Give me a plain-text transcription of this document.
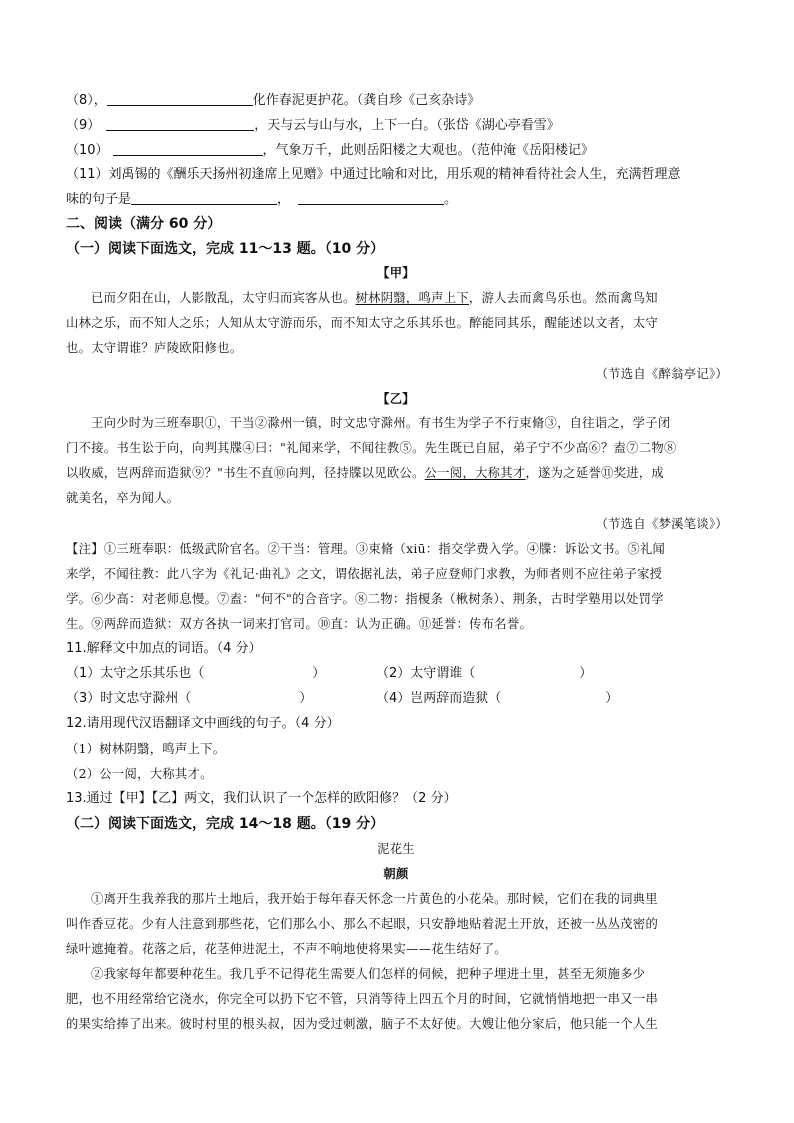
（8），	化作春泥更护花。（龚自珍《己亥杂诗》
（9）	，天与云与山与水，上下一白。（张岱《湖心亭看雪》
（10）	，气象万千，此则岳阳楼之大观也。（范仲淹《岳阳楼记》
（11）刘禹锡的《酬乐天扬州初逢席上见赠》中通过比喻和对比，用乐观的精神看待社会人生，充满哲理意
味的句子是	，	。
二、阅读（满分 60 分）
（一）阅读下面选文，完成 11～13 题。（10 分）
【甲】
已而夕阳在山，人影散乱，太守归而宾客从也。树林阴翳，鸣声上下，游人去而禽鸟乐也。然而禽鸟知
山林之乐，而不知人之乐；人知从太守游而乐，而不知太守之乐其乐也。醉能同其乐，醒能述以文者，太守
也。太守谓谁？庐陵欧阳修也。
（节选自《醉翁亭记》）
【乙】
王向少时为三班奉职①，干当②滁州一镇，时文忠守滁州。有书生为学子不行束脩③，自往诣之，学子闭
门不接。书生讼于向，向判其牒④曰："礼闻来学，不闻往教⑤。先生既已自屈，弟子宁不少高⑥？盍⑦二物⑧
以收威，岂两辞而造狱⑨？"书生不直⑩向判，径持牒以见欧公。公一阅，大称其才，遂为之延誉⑪奖进，成
就美名，卒为闻人。
（节选自《梦溪笔谈》）
【注】①三班奉职：低级武阶官名。②干当：管理。③束脩（xiū：指交学费入学。④牒：诉讼文书。⑤礼闻
来学，不闻往教：此八字为《礼记·曲礼》之文，谓依据礼法，弟子应登师门求教，为师者则不应往弟子家授
学。⑥少高：对老师息慢。⑦盍："何不"的合音字。⑧二物：指榎条（楸树条）、荆条，古时学塾用以处罚学
生。⑨两辞而造狱：双方各执一词来打官司。⑩直：认为正确。⑪延誉：传布名誉。
11.解释文中加点的词语。（4 分）
（1）太守之乐其乐也（	）	（2）太守谓谁（	）
（3）时文忠守滁州（	）	（4）岂两辞而造狱（	）
12.请用现代汉语翻译文中画线的句子。（4 分）
（1）树林阴翳，鸣声上下。
（2）公一阅，大称其才。
13.通过【甲】【乙】两文，我们认识了一个怎样的欧阳修？（2 分）
（二）阅读下面选文，完成 14～18 题。（19 分）
泥花生
朝颜
①离开生我养我的那片土地后，我开始于每年春天怀念一片黄色的小花朵。那时候，它们在我的词典里
叫作香豆花。少有人注意到那些花，它们那么小、那么不起眼，只安静地贴着泥土开放，还被一丛丛茂密的
绿叶遮掩着。花落之后，花茎伸进泥土，不声不响地使将果实——花生结好了。
②我家每年都要种花生。我几乎不记得花生需要人们怎样的伺候，把种子埋进土里，甚至无须施多少
肥，也不用经常给它浇水，你完全可以扔下它不管，只消等待上四五个月的时间，它就悄悄地把一串又一串
的果实给捧了出来。彼时村里的根头叔，因为受过刺激，脑子不太好使。大嫂让他分家后，他只能一个人生
